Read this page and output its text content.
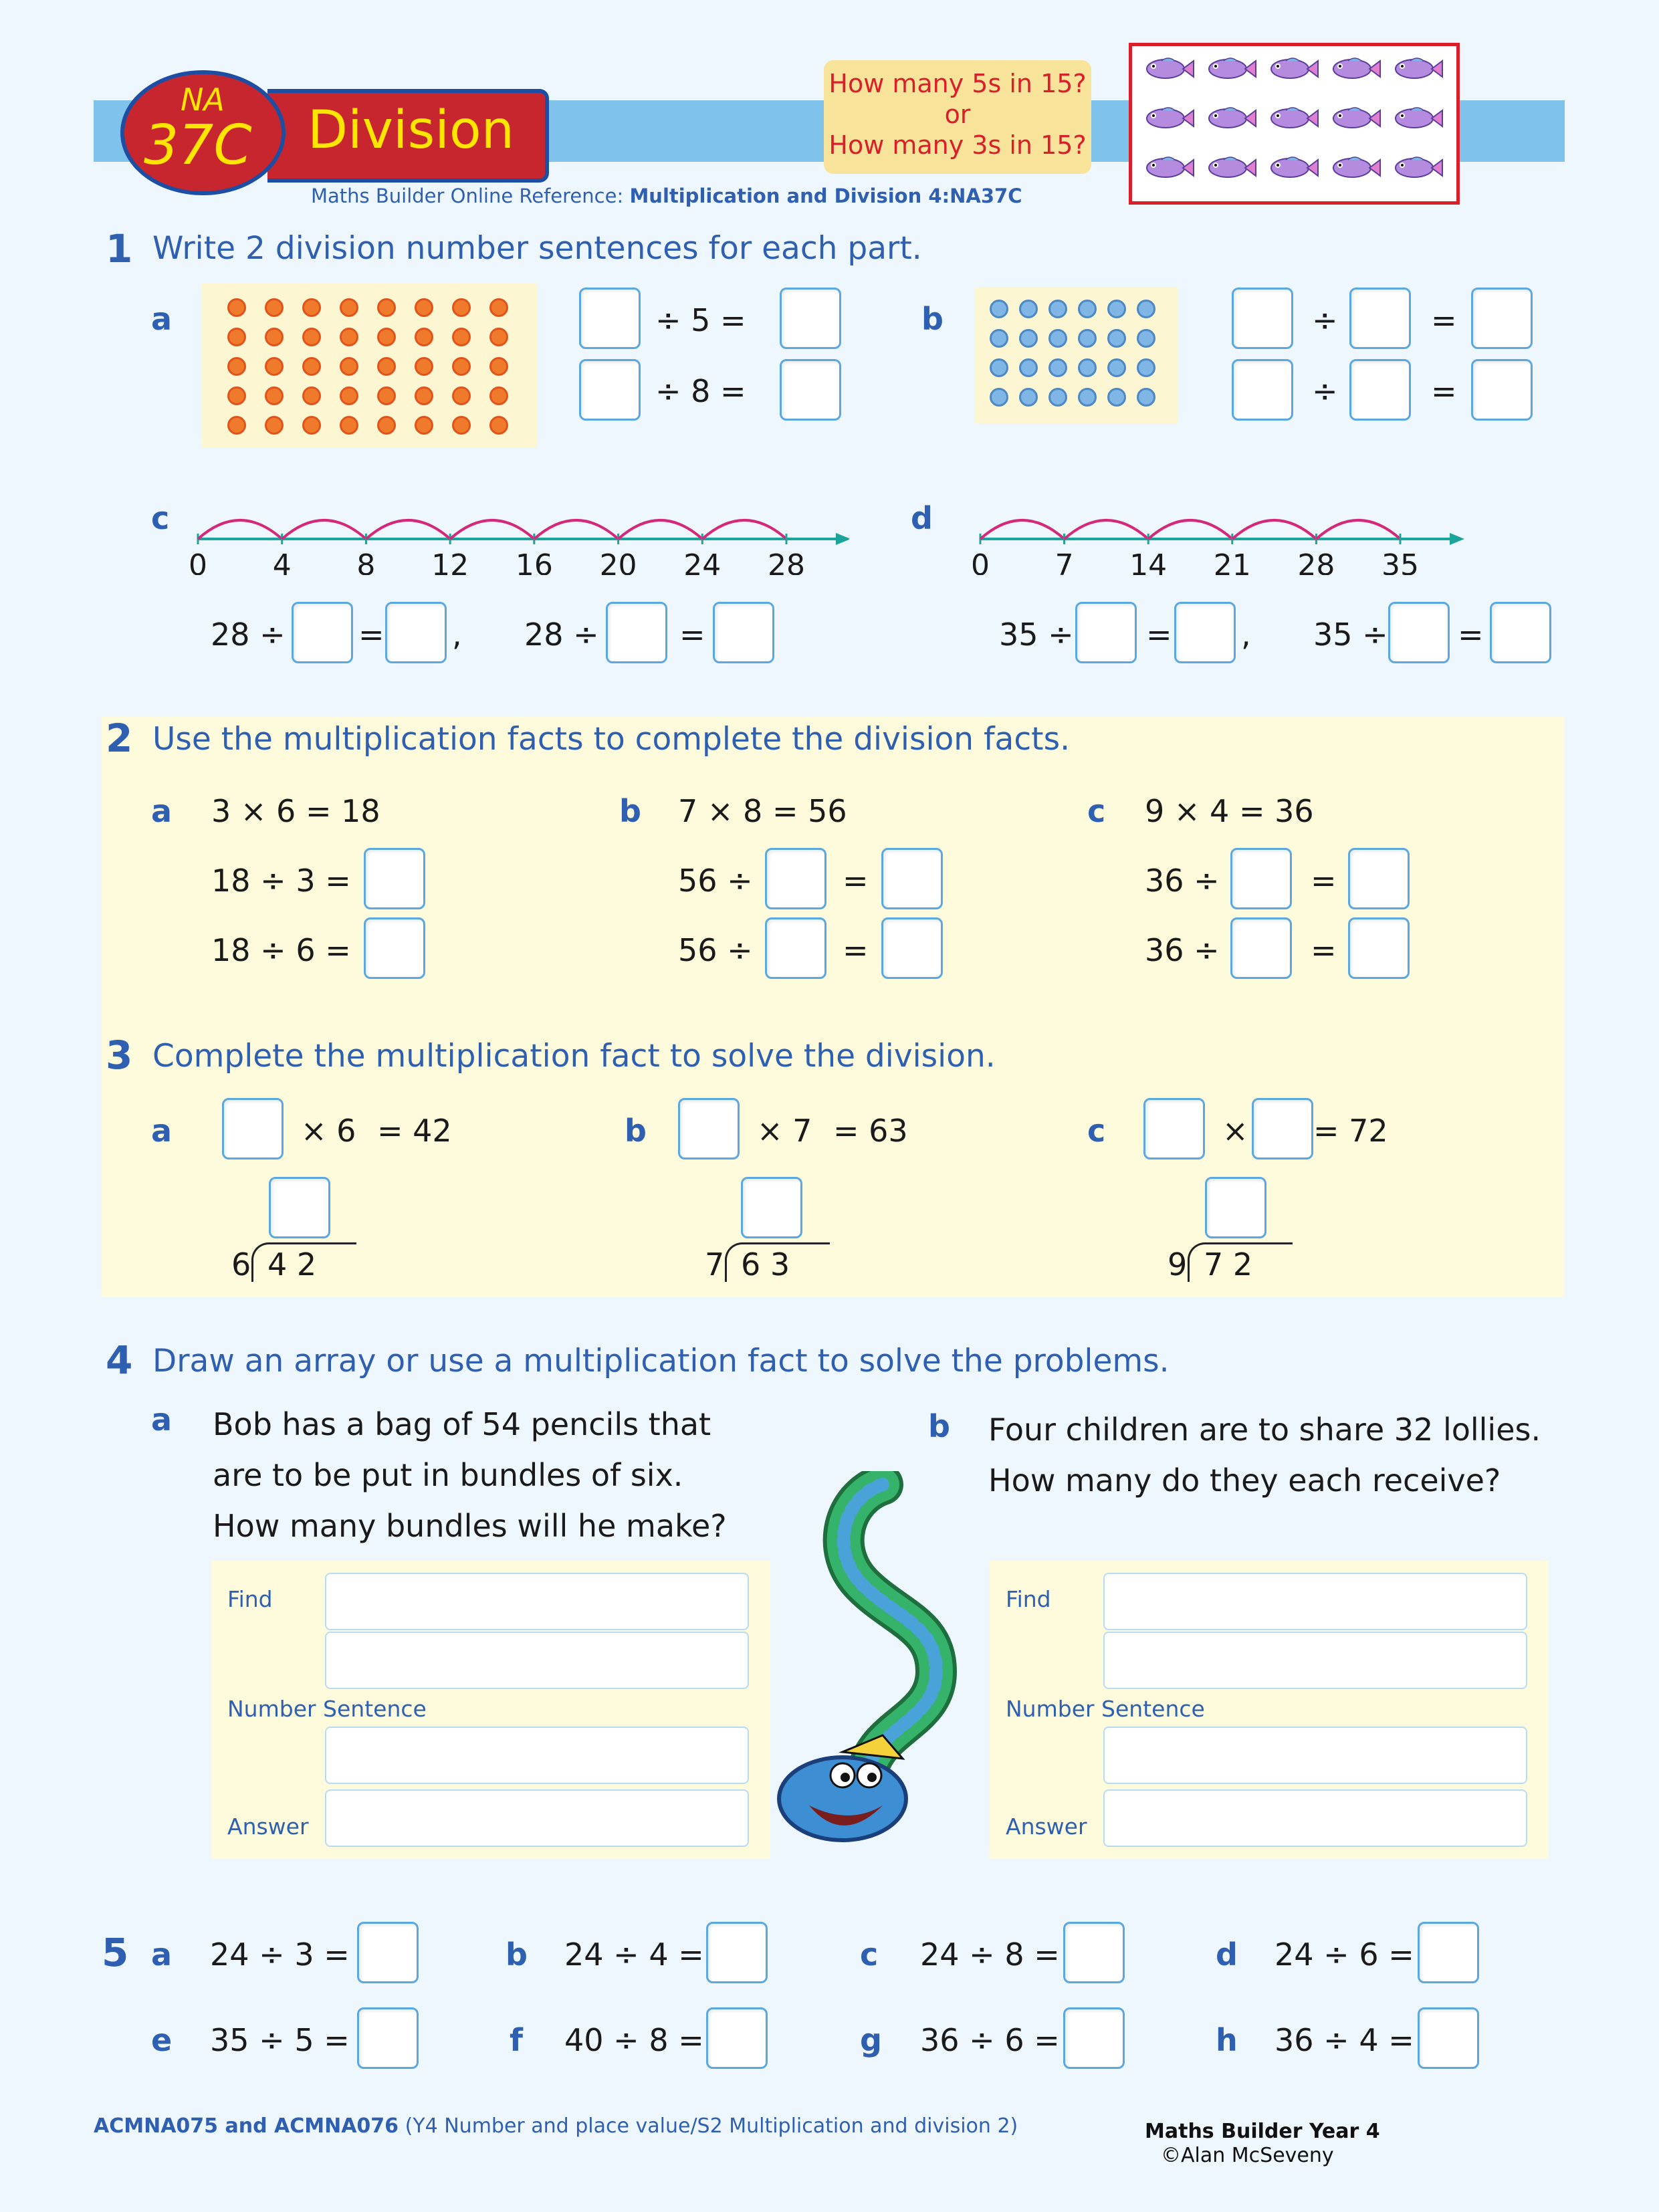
NA
37C Division
Maths Builder Online Reference: Multiplication and Division 4:NA37C
How many 5s in 15?
or
How many 3s in 15?
1 Write 2 division number sentences for each part.
a	÷ 5 =
÷ 8 =
b	÷	=
÷	=
c
0 4 8 12 16 20 24 28
28 ÷ = , 28 ÷	=
d
0 7 14 21 28 35
35 ÷ = , 35 ÷ =
2 Use the multiplication facts to complete the division facts.
a 3 × 6 = 18
18 ÷ 3 =
18 ÷ 6 =
b 7 × 8 = 56
56 ÷	=
56 ÷	=
c 9 × 4 = 36
36 ÷	=
36 ÷	=
3 Complete the multiplication fact to solve the division.
a	× 6 = 42
6 4 2
b	× 7 = 63
7 6 3
c	× = 72
9 7 2
4 Draw an array or use a multiplication fact to solve the problems.
a Bob has a bag of 54 pencils that
are to be put in bundles of six.
How many bundles will he make?
b Four children are to share 32 lollies.
How many do they each receive?
Find
Number Sentence
Answer
Find
Number Sentence
Answer
5 a 24 ÷ 3 =	b 24 ÷ 4 =	c 24 ÷ 8 =	d 24 ÷ 6 =
e 35 ÷ 5 =	f 40 ÷ 8 =	g 36 ÷ 6 =	h 36 ÷ 4 =
ACMNA075 and ACMNA076 (Y4 Number and place value/S2 Multiplication and division 2)	Maths Builder Year 4
©Alan McSeveny
